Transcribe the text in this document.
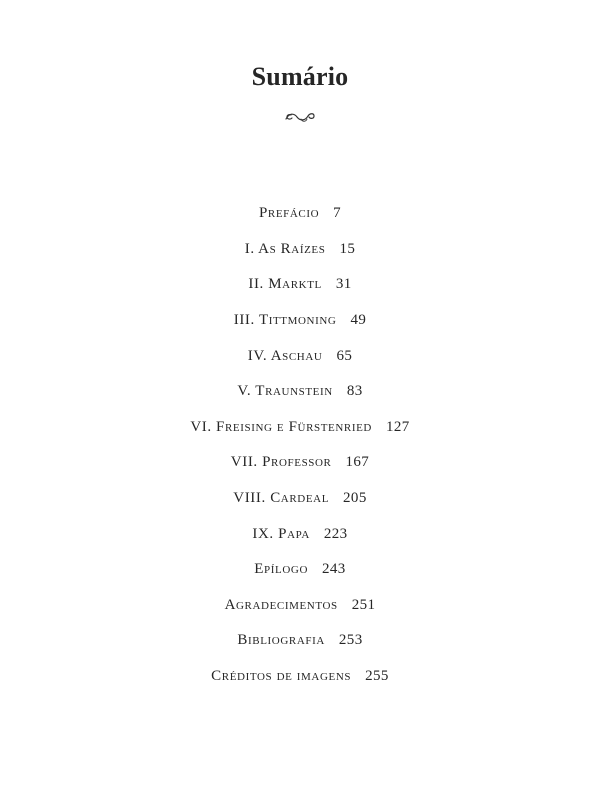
Sumário
Prefácio 7
I. As Raízes 15
II. Marktl 31
III. Tittmoning 49
IV. Aschau 65
V. Traunstein 83
VI. Freising e Fürstenried 127
VII. Professor 167
VIII. Cardeal 205
IX. Papa 223
Epílogo 243
Agradecimentos 251
Bibliografia 253
Créditos de imagens 255
